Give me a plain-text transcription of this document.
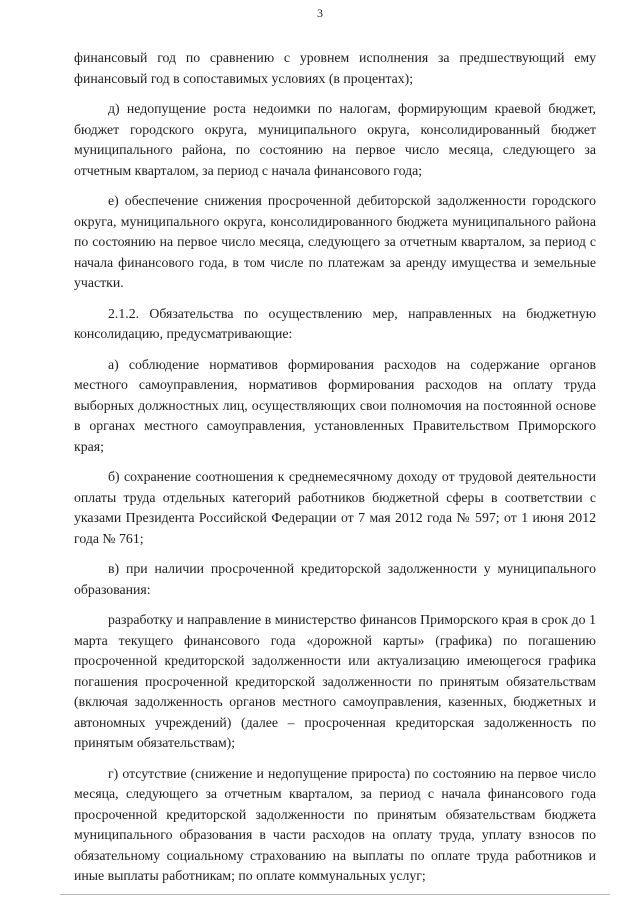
3

финансовый год по сравнению с уровнем исполнения за предшествующий ему финансовый год в сопоставимых условиях (в процентах);

д) недопущение роста недоимки по налогам, формирующим краевой бюджет, бюджет городского округа, муниципального округа, консолидированный бюджет муниципального района, по состоянию на первое число месяца, следующего за отчетным кварталом, за период с начала финансового года;

е) обеспечение снижения просроченной дебиторской задолженности городского округа, муниципального округа, консолидированного бюджета муниципального района по состоянию на первое число месяца, следующего за отчетным кварталом, за период с начала финансового года, в том числе по платежам за аренду имущества и земельные участки.

2.1.2. Обязательства по осуществлению мер, направленных на бюджетную консолидацию, предусматривающие:

а) соблюдение нормативов формирования расходов на содержание органов местного самоуправления, нормативов формирования расходов на оплату труда выборных должностных лиц, осуществляющих свои полномочия на постоянной основе в органах местного самоуправления, установленных Правительством Приморского края;

б) сохранение соотношения к среднемесячному доходу от трудовой деятельности оплаты труда отдельных категорий работников бюджетной сферы в соответствии с указами Президента Российской Федерации от 7 мая 2012 года № 597; от 1 июня 2012 года № 761;

в) при наличии просроченной кредиторской задолженности у муниципального образования:

разработку и направление в министерство финансов Приморского края в срок до 1 марта текущего финансового года «дорожной карты» (графика) по погашению просроченной кредиторской задолженности или актуализацию имеющегося графика погашения просроченной кредиторской задолженности по принятым обязательствам (включая задолженность органов местного самоуправления, казенных, бюджетных и автономных учреждений) (далее – просроченная кредиторская задолженность по принятым обязательствам);

г) отсутствие (снижение и недопущение прироста) по состоянию на первое число месяца, следующего за отчетным кварталом, за период с начала финансового года просроченной кредиторской задолженности по принятым обязательствам бюджета муниципального образования в части расходов на оплату труда, уплату взносов по обязательному социальному страхованию на выплаты по оплате труда работников и иные выплаты работникам; по оплате коммунальных услуг;
